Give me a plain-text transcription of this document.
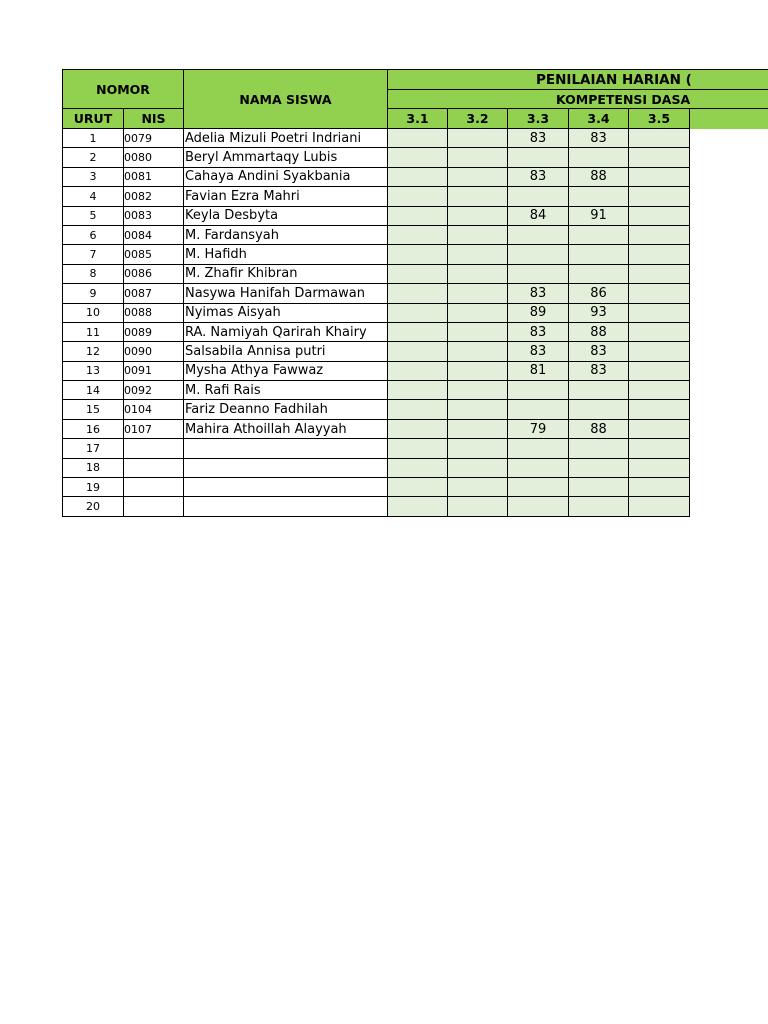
NOMOR		NAMA SISWA	PENILAIAN HARIAN (					
			KOMPETENSI DASA					
URUT	NIS		3.1	3.2	3.3	3.4	3.5	
1	0079	Adelia Mizuli Poetri Indriani			83	83		
2	0080	Beryl Ammartaqy Lubis						
3	0081	Cahaya Andini Syakbania			83	88		
4	0082	Favian Ezra Mahri						
5	0083	Keyla Desbyta			84	91		
6	0084	M. Fardansyah						
7	0085	M. Hafidh						
8	0086	M. Zhafir Khibran						
9	0087	Nasywa Hanifah Darmawan			83	86		
10	0088	Nyimas Aisyah			89	93		
11	0089	RA. Namiyah Qarirah Khairy			83	88		
12	0090	Salsabila Annisa putri			83	83		
13	0091	Mysha Athya Fawwaz			81	83		
14	0092	M. Rafi Rais						
15	0104	Fariz Deanno Fadhilah						
16	0107	Mahira Athoillah Alayyah			79	88		
17								
18								
19								
20								
